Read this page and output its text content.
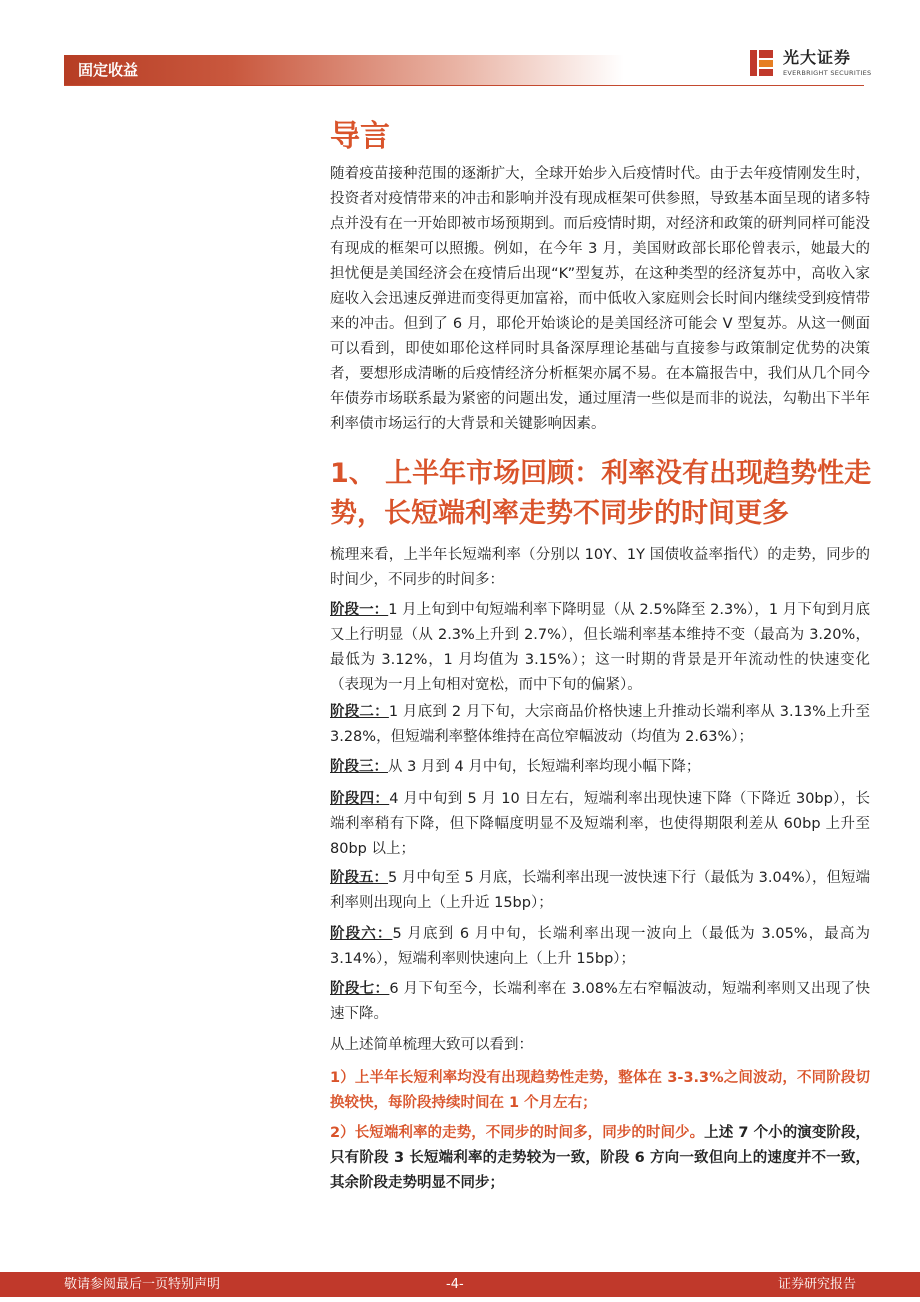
固定收益
光大证券
EVERBRIGHT SECURITIES
导言

随着疫苗接种范围的逐渐扩大，全球开始步入后疫情时代。由于去年疫情刚发生时，投资者对疫情带来的冲击和影响并没有现成框架可供参照，导致基本面呈现的诸多特点并没有在一开始即被市场预期到。而后疫情时期，对经济和政策的研判同样可能没有现成的框架可以照搬。例如，在今年 3 月，美国财政部长耶伦曾表示，她最大的担忧便是美国经济会在疫情后出现“K”型复苏，在这种类型的经济复苏中，高收入家庭收入会迅速反弹进而变得更加富裕，而中低收入家庭则会长时间内继续受到疫情带来的冲击。但到了 6 月，耶伦开始谈论的是美国经济可能会 V 型复苏。从这一侧面可以看到，即使如耶伦这样同时具备深厚理论基础与直接参与政策制定优势的决策者，要想形成清晰的后疫情经济分析框架亦属不易。在本篇报告中，我们从几个同今年债券市场联系最为紧密的问题出发，通过厘清一些似是而非的说法，勾勒出下半年利率债市场运行的大背景和关键影响因素。

1、 上半年市场回顾：利率没有出现趋势性走势，长短端利率走势不同步的时间更多

梳理来看，上半年长短端利率（分别以 10Y、1Y 国债收益率指代）的走势，同步的时间少，不同步的时间多：

阶段一：1 月上旬到中旬短端利率下降明显（从 2.5%降至 2.3%），1 月下旬到月底又上行明显（从 2.3%上升到 2.7%），但长端利率基本维持不变（最高为 3.20%，最低为 3.12%，1 月均值为 3.15%）；这一时期的背景是开年流动性的快速变化（表现为一月上旬相对宽松，而中下旬的偏紧）。

阶段二：1 月底到 2 月下旬，大宗商品价格快速上升推动长端利率从 3.13%上升至 3.28%，但短端利率整体维持在高位窄幅波动（均值为 2.63%）；

阶段三：从 3 月到 4 月中旬，长短端利率均现小幅下降；

阶段四：4 月中旬到 5 月 10 日左右，短端利率出现快速下降（下降近 30bp），长端利率稍有下降，但下降幅度明显不及短端利率，也使得期限利差从 60bp 上升至 80bp 以上；

阶段五：5 月中旬至 5 月底，长端利率出现一波快速下行（最低为 3.04%），但短端利率则出现向上（上升近 15bp）；

阶段六：5 月底到 6 月中旬，长端利率出现一波向上（最低为 3.05%，最高为 3.14%），短端利率则快速向上（上升 15bp）；

阶段七：6 月下旬至今，长端利率在 3.08%左右窄幅波动，短端利率则又出现了快速下降。

从上述简单梳理大致可以看到：

1）上半年长短利率均没有出现趋势性走势，整体在 3-3.3%之间波动，不同阶段切换较快，每阶段持续时间在 1 个月左右；

2）长短端利率的走势，不同步的时间多，同步的时间少。上述 7 个小的演变阶段，只有阶段 3 长短端利率的走势较为一致，阶段 6 方向一致但向上的速度并不一致，其余阶段走势明显不同步；

敬请参阅最后一页特别声明	-4-	证券研究报告
